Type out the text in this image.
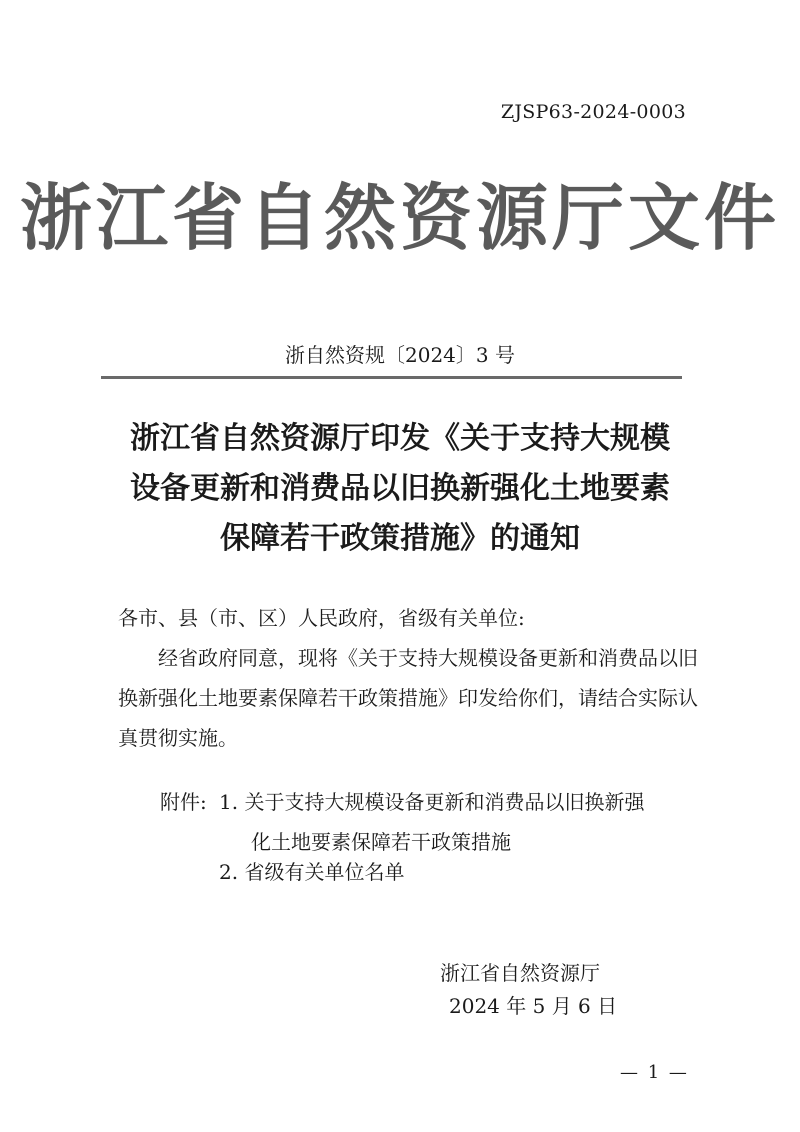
ZJSP63-2024-0003
浙江省自然资源厅文件
浙自然资规〔2024〕3 号
浙江省自然资源厅印发《关于支持大规模
设备更新和消费品以旧换新强化土地要素
保障若干政策措施》的通知
各市、县（市、区）人民政府，省级有关单位:
经省政府同意，现将《关于支持大规模设备更新和消费品以旧换新强化土地要素保障若干政策措施》印发给你们，请结合实际认真贯彻实施。
附件: 1. 关于支持大规模设备更新和消费品以旧换新强
化土地要素保障若干政策措施
2. 省级有关单位名单
浙江省自然资源厅
2024 年 5 月 6 日
— 1 —
